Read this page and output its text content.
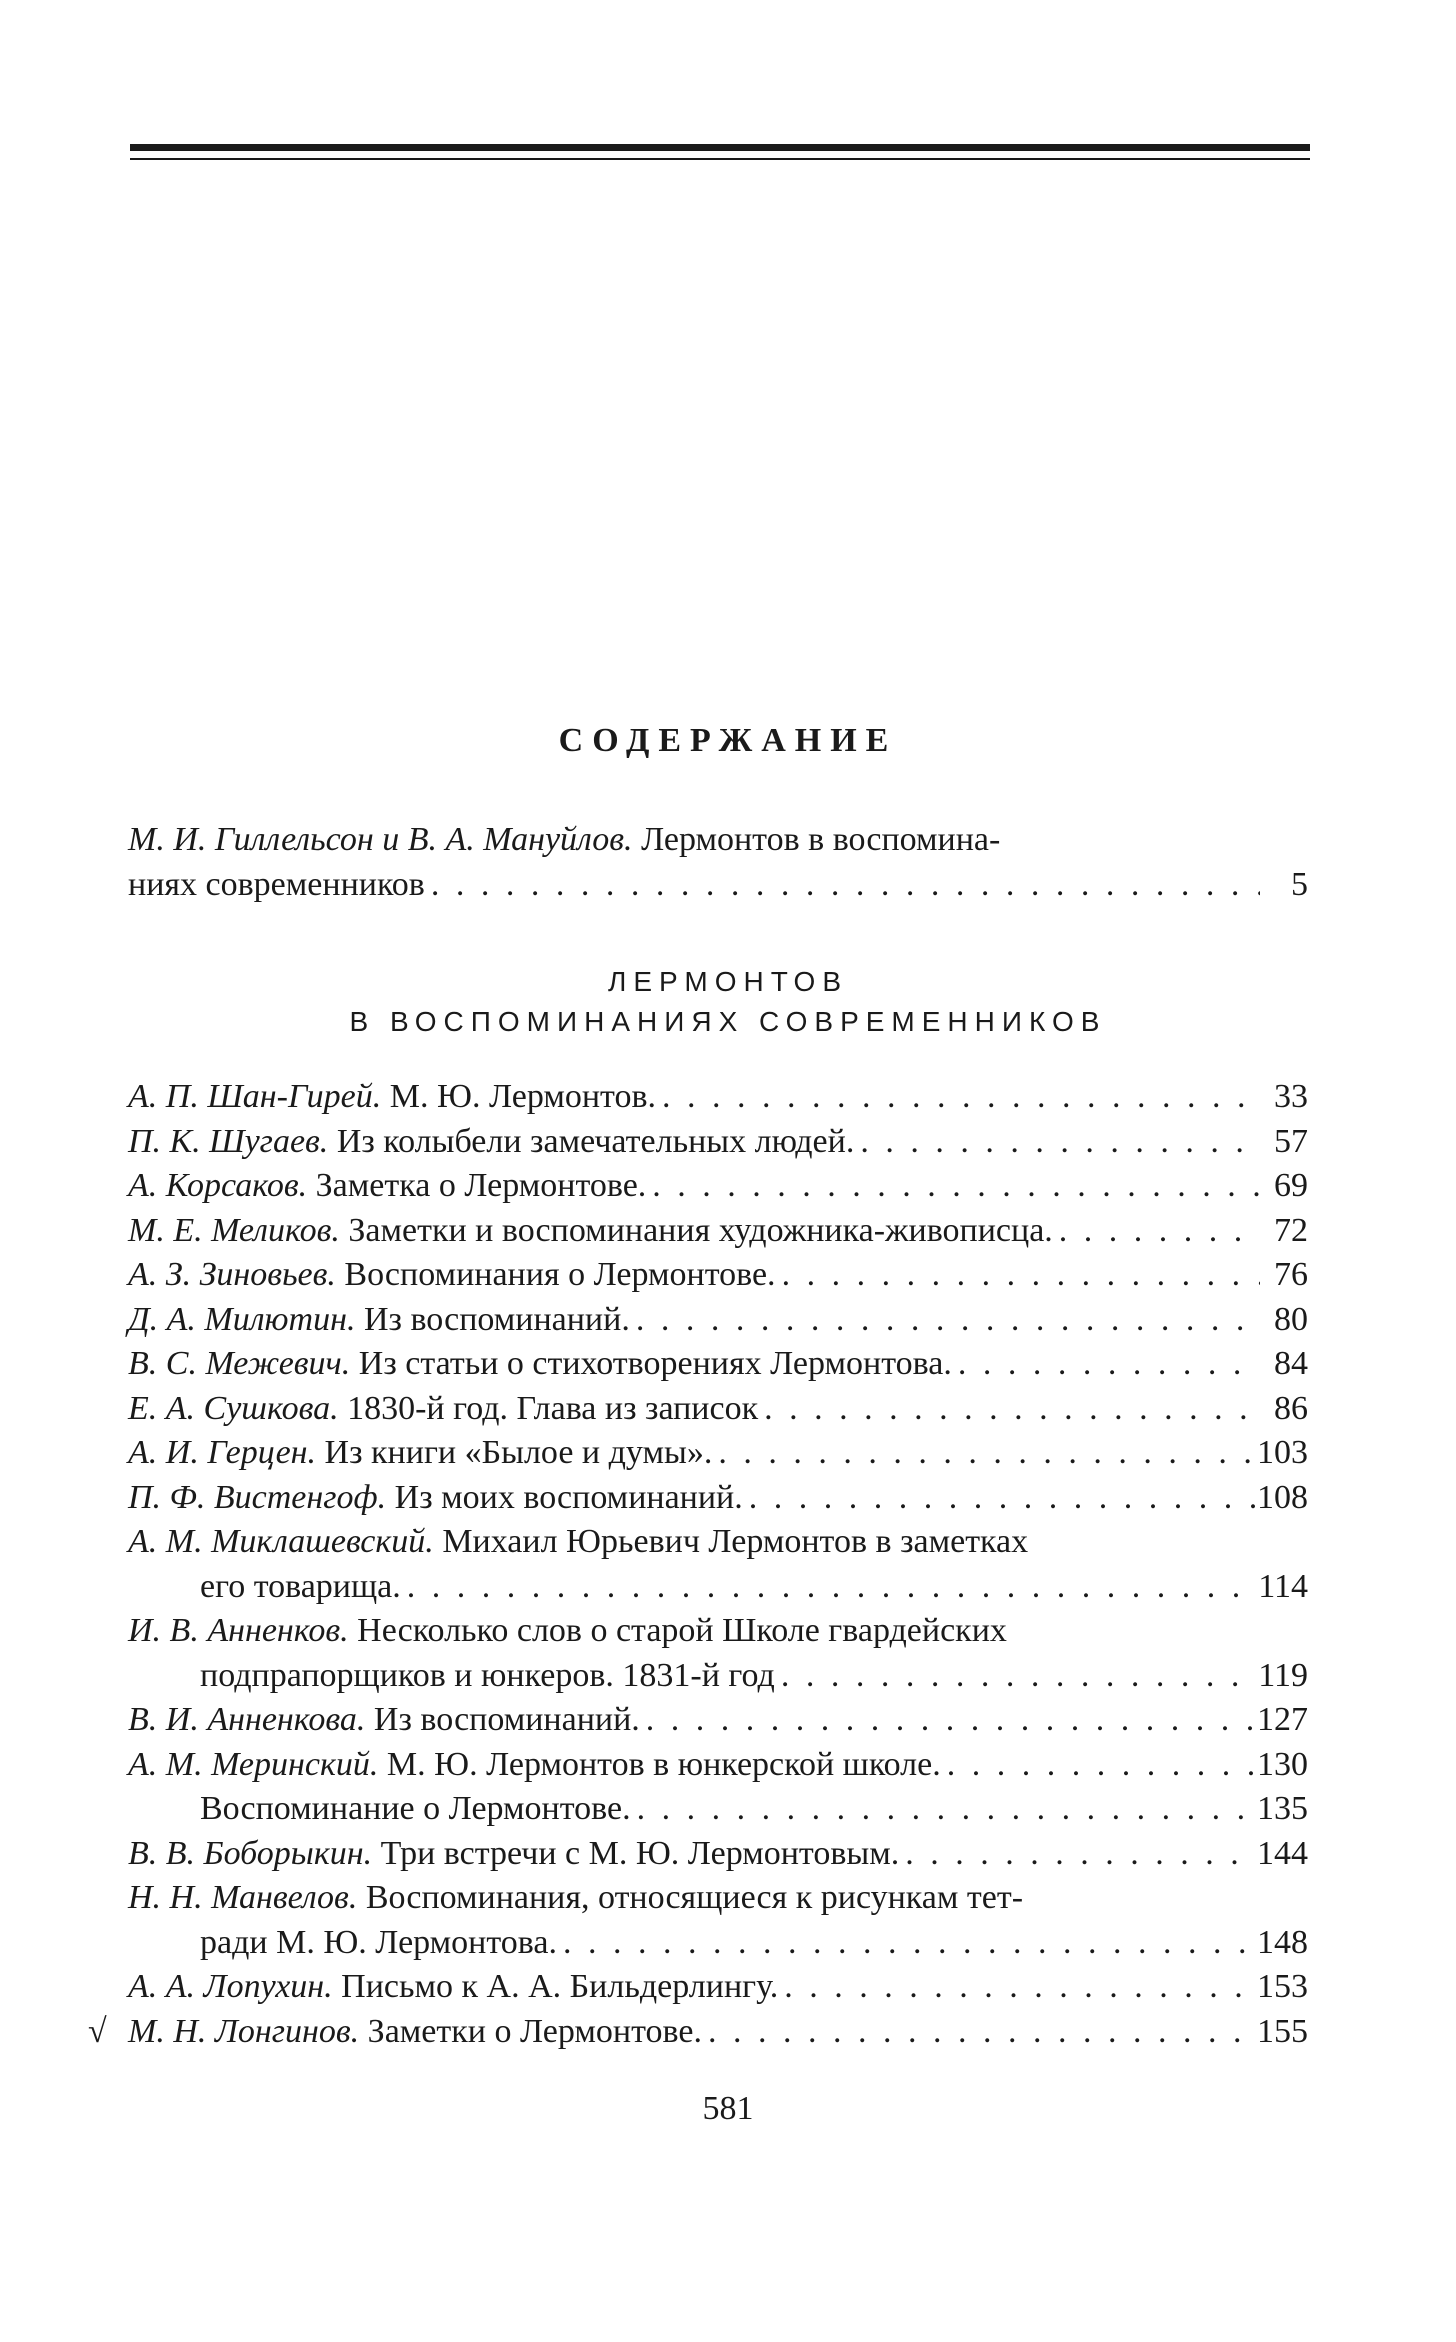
СОДЕРЖАНИЕ
М. И. Гиллельсон и В. А. Мануйлов. Лермонтов в воспомина-
ниях современников . . .	5
ЛЕРМОНТОВ
В ВОСПОМИНАНИЯХ СОВРЕМЕННИКОВ
А. П. Шан-Гирей. М. Ю. Лермонтов. . . .	33
П. К. Шугаев. Из колыбели замечательных людей. . . .	57
А. Корсаков. Заметка о Лермонтове. . . .	69
М. Е. Меликов. Заметки и воспоминания художника-живописца. . . .	72
А. З. Зиновьев. Воспоминания о Лермонтове. . . .	76
Д. А. Милютин. Из воспоминаний. . . .	80
В. С. Межевич. Из статьи о стихотворениях Лермонтова. . . .	84
Е. А. Сушкова. 1830-й год. Глава из записок . . .	86
А. И. Герцен. Из книги «Былое и думы». . . .	103
П. Ф. Вистенгоф. Из моих воспоминаний. . . .	108
А. М. Миклашевский. Михаил Юрьевич Лермонтов в заметках
его товарища. . . .	114
И. В. Анненков. Несколько слов о старой Школе гвардейских
подпрапорщиков и юнкеров. 1831-й год . . .	119
В. И. Анненкова. Из воспоминаний. . . .	127
А. М. Меринский. М. Ю. Лермонтов в юнкерской школе. . . .	130
Воспоминание о Лермонтове. . . .	135
В. В. Боборыкин. Три встречи с М. Ю. Лермонтовым. . . .	144
Н. Н. Манвелов. Воспоминания, относящиеся к рисункам тет-
ради М. Ю. Лермонтова. . . .	148
А. А. Лопухин. Письмо к А. А. Бильдерлингу. . . .	153
√ М. Н. Лонгинов. Заметки о Лермонтове. . . .	155
581
